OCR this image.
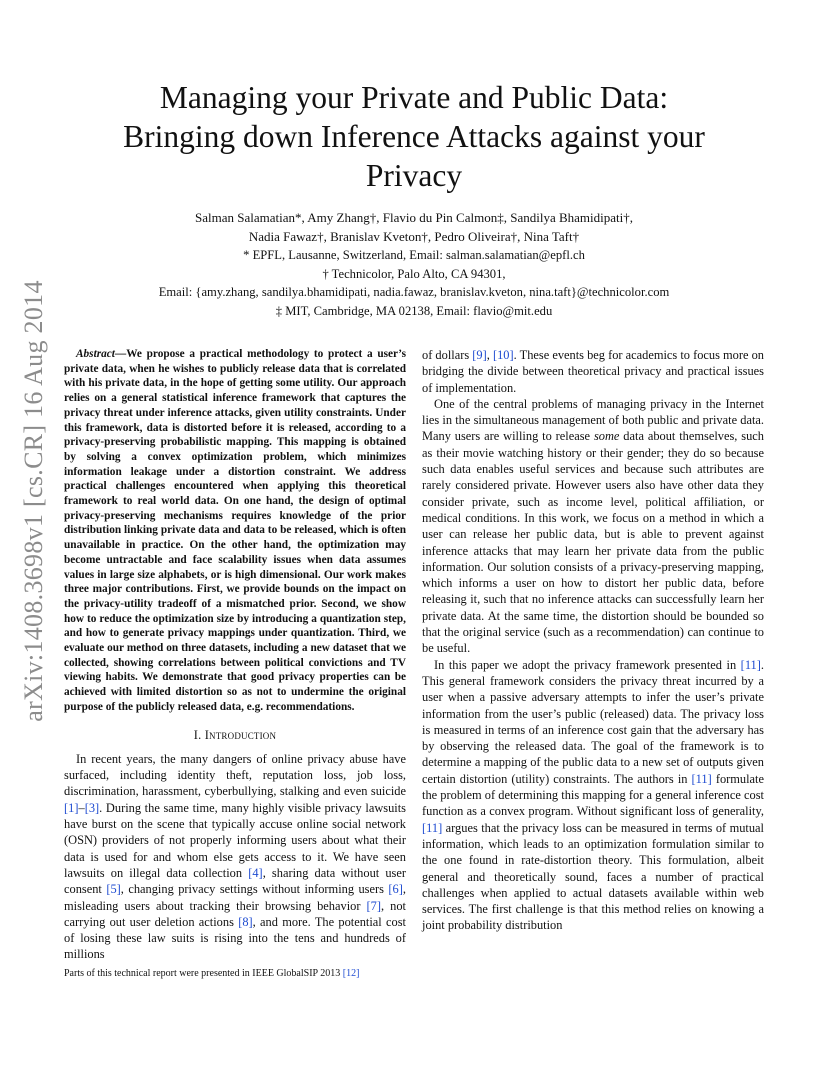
arXiv:1408.3698v1 [cs.CR] 16 Aug 2014
Managing your Private and Public Data:
Bringing down Inference Attacks against your
Privacy
Salman Salamatian*, Amy Zhang†, Flavio du Pin Calmon‡, Sandilya Bhamidipati†,
Nadia Fawaz†, Branislav Kveton†, Pedro Oliveira†, Nina Taft†
* EPFL, Lausanne, Switzerland, Email: salman.salamatian@epfl.ch
† Technicolor, Palo Alto, CA 94301,
Email: {amy.zhang, sandilya.bhamidipati, nadia.fawaz, branislav.kveton, nina.taft}@technicolor.com
‡ MIT, Cambridge, MA 02138, Email: flavio@mit.edu

Abstract—We propose a practical methodology to protect a user’s private data, when he wishes to publicly release data that is correlated with his private data, in the hope of getting some utility. Our approach relies on a general statistical inference framework that captures the privacy threat under inference attacks, given utility constraints. Under this framework, data is distorted before it is released, according to a privacy-preserving probabilistic mapping. This mapping is obtained by solving a convex optimization problem, which minimizes information leakage under a distortion constraint. We address practical challenges encountered when applying this theoretical framework to real world data. On one hand, the design of optimal privacy-preserving mechanisms requires knowledge of the prior distribution linking private data and data to be released, which is often unavailable in practice. On the other hand, the optimization may become untractable and face scalability issues when data assumes values in large size alphabets, or is high dimensional. Our work makes three major contributions. First, we provide bounds on the impact on the privacy-utility tradeoff of a mismatched prior. Second, we show how to reduce the optimization size by introducing a quantization step, and how to generate privacy mappings under quantization. Third, we evaluate our method on three datasets, including a new dataset that we collected, showing correlations between political convictions and TV viewing habits. We demonstrate that good privacy properties can be achieved with limited distortion so as not to undermine the original purpose of the publicly released data, e.g. recommendations.

I. Introduction

In recent years, the many dangers of online privacy abuse have surfaced, including identity theft, reputation loss, job loss, discrimination, harassment, cyberbullying, stalking and even suicide [ 1 ] –[ 3 ] . During the same time, many highly visible privacy lawsuits have burst on the scene that typically accuse online social network (OSN) providers of not properly informing users about what their data is used for and whom else gets access to it. We have seen lawsuits on illegal data collection [ 4 ] , sharing data without user consent [ 5 ] , changing privacy settings without informing users [ 6 ] , misleading users about tracking their browsing behavior [ 7 ] , not carrying out user deletion actions [ 8 ] , and more. The potential cost of losing these law suits is rising into the tens and hundreds of millions

of dollars [ 9 ] , [ 10 ] . These events beg for academics to focus more on bridging the divide between theoretical privacy and practical issues of implementation.

One of the central problems of managing privacy in the Internet lies in the simultaneous management of both public and private data. Many users are willing to release some data about themselves, such as their movie watching history or their gender; they do so because such data enables useful services and because such attributes are rarely considered private. However users also have other data they consider private, such as income level, political affiliation, or medical conditions. In this work, we focus on a method in which a user can release her public data, but is able to prevent against inference attacks that may learn her private data from the public information. Our solution consists of a privacy-preserving mapping, which informs a user on how to distort her public data, before releasing it, such that no inference attacks can successfully learn her private data. At the same time, the distortion should be bounded so that the original service (such as a recommendation) can continue to be useful.

In this paper we adopt the privacy framework presented in [ 11 ] . This general framework considers the privacy threat incurred by a user when a passive adversary attempts to infer the user’s private information from the user’s public (released) data. The privacy loss is measured in terms of an inference cost gain that the adversary has by observing the released data. The goal of the framework is to determine a mapping of the public data to a new set of outputs given certain distortion (utility) constraints. The authors in [ 11 ] formulate the problem of determining this mapping for a general inference cost function as a convex program. Without significant loss of generality, [ 11 ] argues that the privacy loss can be measured in terms of mutual information, which leads to an optimization formulation similar to the one found in rate-distortion theory. This formulation, albeit general and theoretically sound, faces a number of practical challenges when applied to actual datasets available within web services. The first challenge is that this method relies on knowing a joint probability distribution

Parts of this technical report were presented in IEEE GlobalSIP 2013 [ 12 ]
